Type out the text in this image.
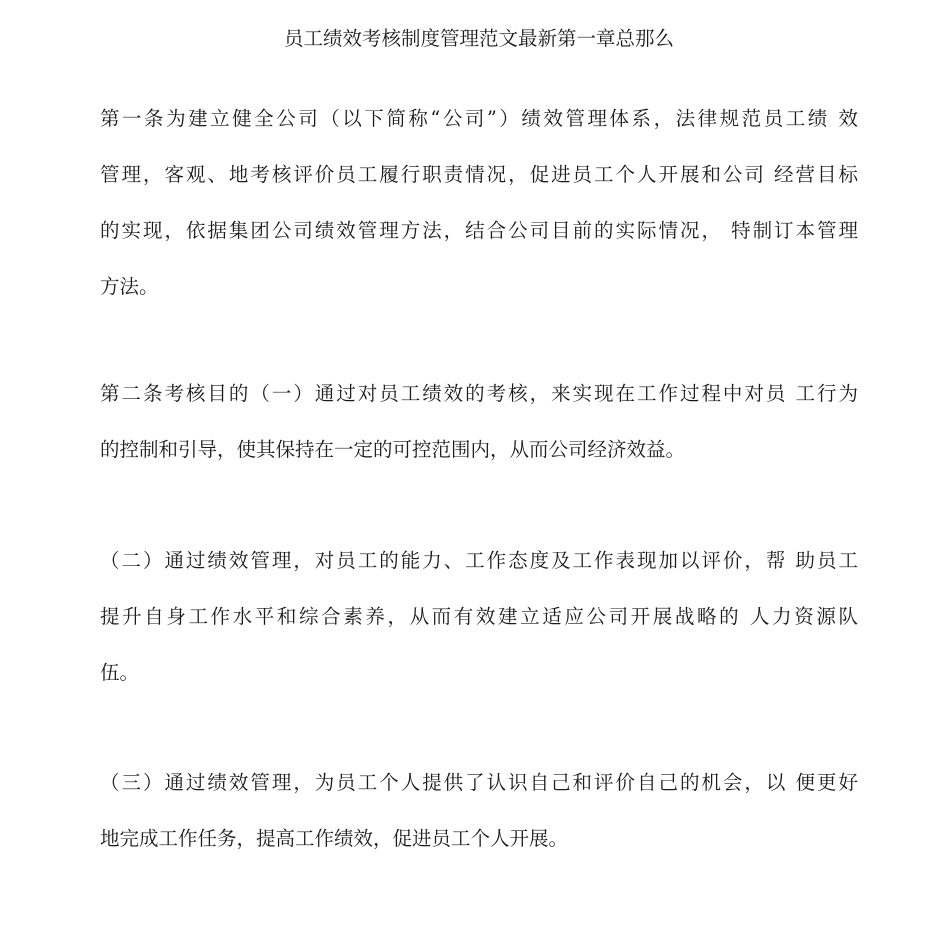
员工绩效考核制度管理范文最新第一章总那么

第一条为建立健全公司（以下简称“公司”）绩效管理体系，法律规范员工绩 效
管理，客观、地考核评价员工履行职责情况，促进员工个人开展和公司 经营目标
的实现，依据集团公司绩效管理方法，结合公司目前的实际情况， 特制订本管理
方法。

第二条考核目的（一）通过对员工绩效的考核，来实现在工作过程中对员 工行为
的控制和引导，使其保持在一定的可控范围内，从而公司经济效益。

（二）通过绩效管理，对员工的能力、工作态度及工作表现加以评价，帮 助员工
提升自身工作水平和综合素养，从而有效建立适应公司开展战略的 人力资源队
伍。

（三）通过绩效管理，为员工个人提供了认识自己和评价自己的机会，以 便更好
地完成工作任务，提高工作绩效，促进员工个人开展。
